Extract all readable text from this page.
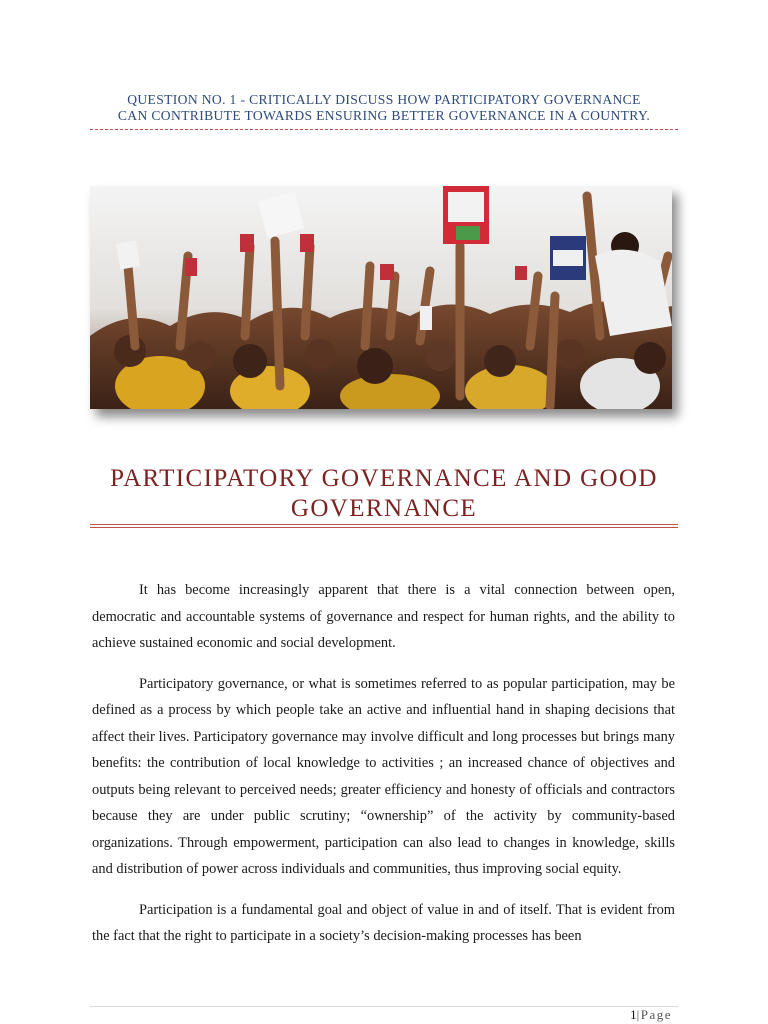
QUESTION NO. 1 - CRITICALLY DISCUSS HOW PARTICIPATORY GOVERNANCE
CAN CONTRIBUTE TOWARDS ENSURING BETTER GOVERNANCE IN A COUNTRY.
PARTICIPATORY GOVERNANCE AND GOOD
GOVERNANCE

It has become increasingly apparent that there is a vital connection between open, democratic and accountable systems of governance and respect for human rights, and the ability to achieve sustained economic and social development.

Participatory governance, or what is sometimes referred to as popular participation, may be defined as a process by which people take an active and influential hand in shaping decisions that affect their lives. Participatory governance may involve difficult and long processes but brings many benefits: the contribution of local knowledge to activities ; an increased chance of objectives and outputs being relevant to perceived needs; greater efficiency and honesty of officials and contractors because they are under public scrutiny; “ownership” of the activity by community-based organizations. Through empowerment, participation can also lead to changes in knowledge, skills and distribution of power across individuals and communities, thus improving social equity.

Participation is a fundamental goal and object of value in and of itself. That is evident from the fact that the right to participate in a society’s decision-making processes has been

1|Page
